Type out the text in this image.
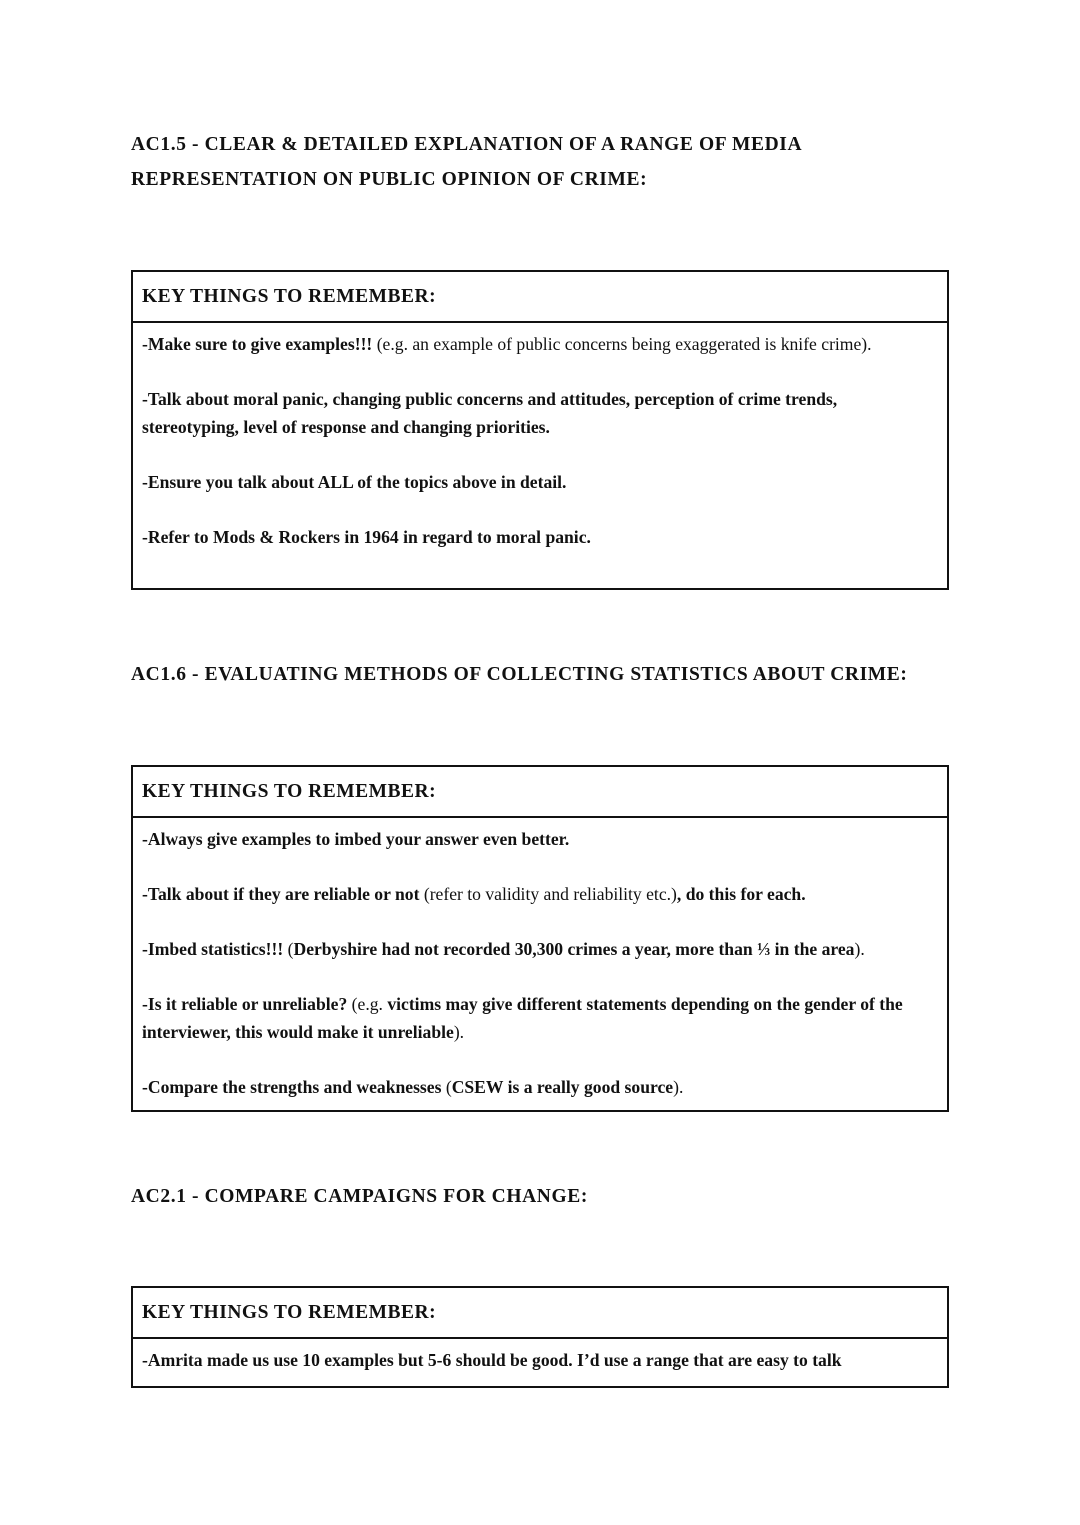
AC1.5 - CLEAR & DETAILED EXPLANATION OF A RANGE OF MEDIA
REPRESENTATION ON PUBLIC OPINION OF CRIME:
KEY THINGS TO REMEMBER:
-Make sure to give examples!!! (e.g. an example of public concerns being exaggerated is knife crime).
-Talk about moral panic, changing public concerns and attitudes, perception of crime trends, stereotyping, level of response and changing priorities.
-Ensure you talk about ALL of the topics above in detail.
-Refer to Mods & Rockers in 1964 in regard to moral panic.
AC1.6 - EVALUATING METHODS OF COLLECTING STATISTICS ABOUT CRIME:
KEY THINGS TO REMEMBER:
-Always give examples to imbed your answer even better.
-Talk about if they are reliable or not (refer to validity and reliability etc.), do this for each.
-Imbed statistics!!! (Derbyshire had not recorded 30,300 crimes a year, more than ⅓ in the area).
-Is it reliable or unreliable? (e.g. victims may give different statements depending on the gender of the interviewer, this would make it unreliable).
-Compare the strengths and weaknesses (CSEW is a really good source).
AC2.1 - COMPARE CAMPAIGNS FOR CHANGE:
KEY THINGS TO REMEMBER:
-Amrita made us use 10 examples but 5-6 should be good. I’d use a range that are easy to talk
